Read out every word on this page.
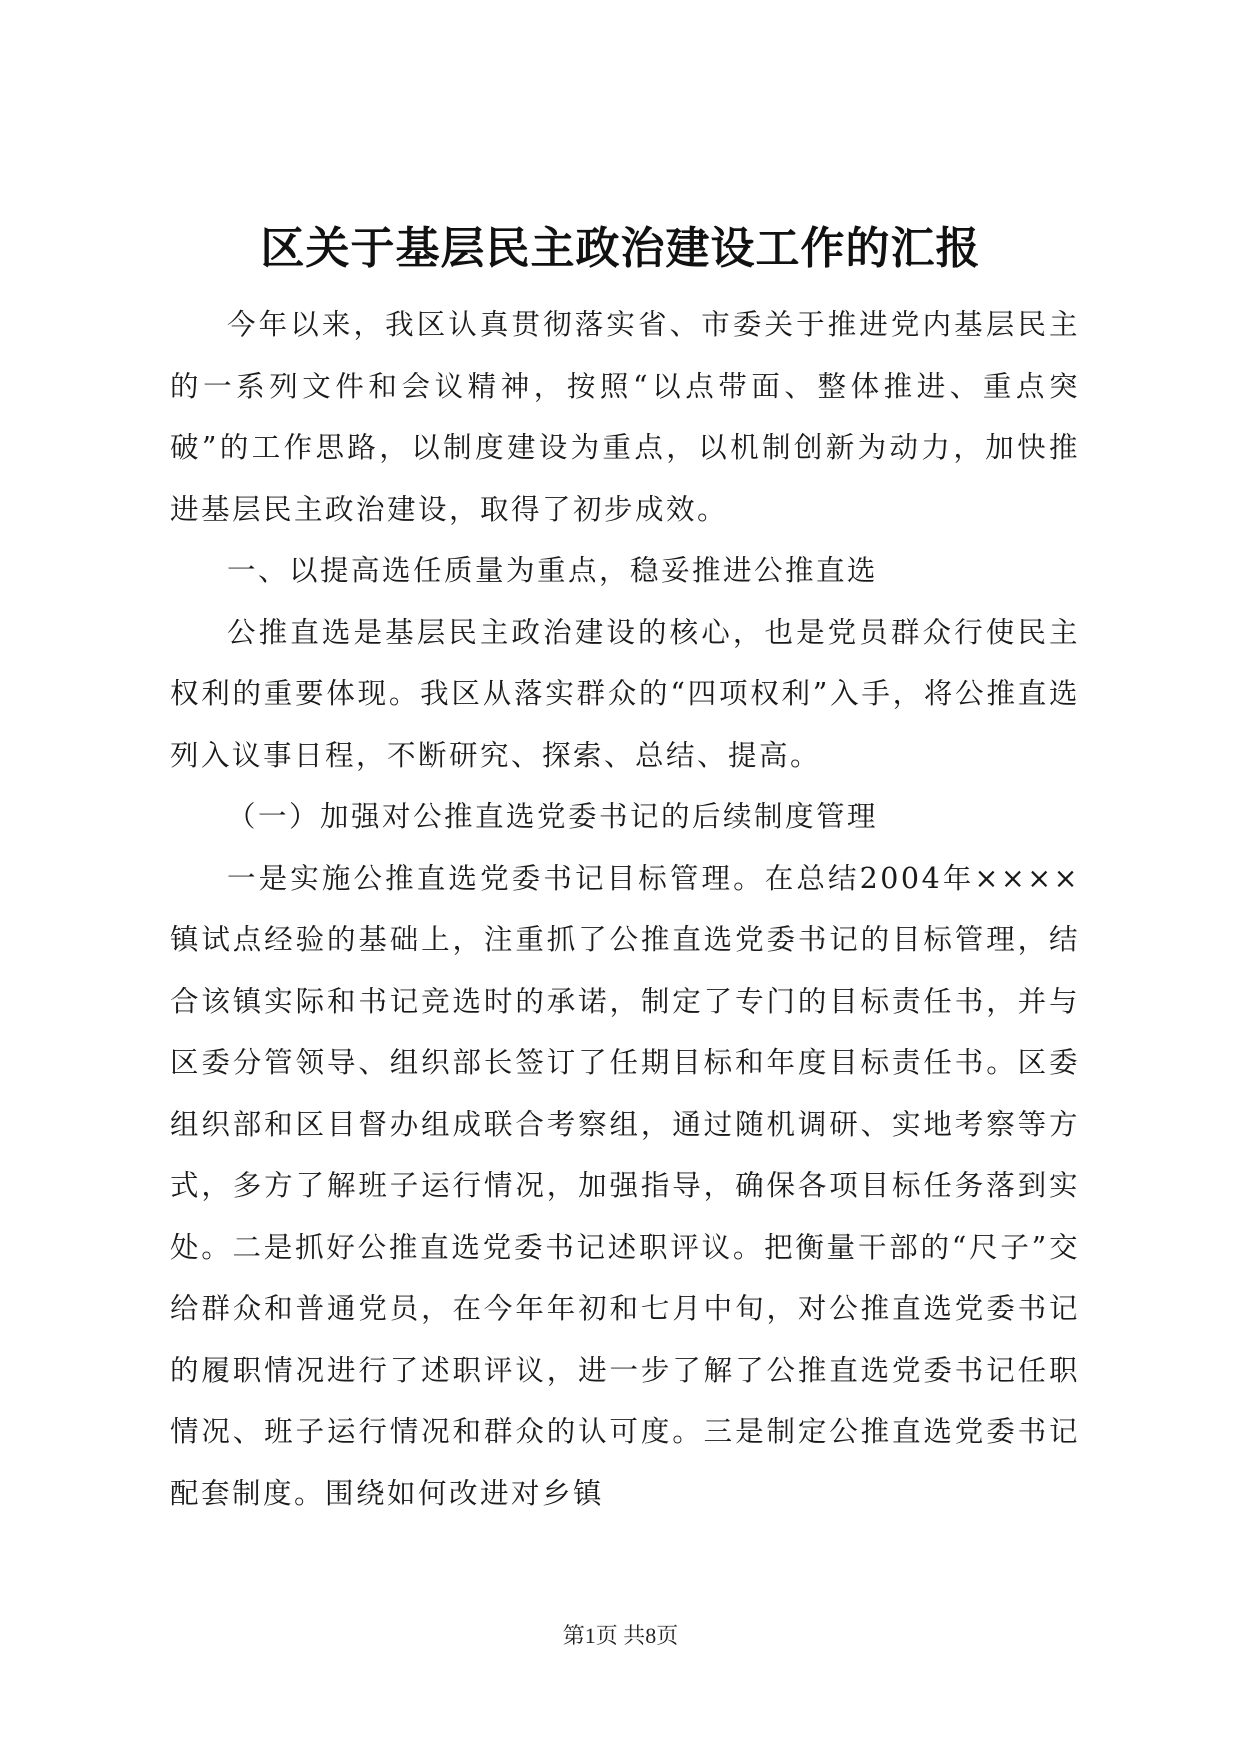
区关于基层民主政治建设工作的汇报

今年以来，我区认真贯彻落实省、市委关于推进党内基层民主的一系列文件和会议精神，按照“以点带面、整体推进、重点突破”的工作思路，以制度建设为重点，以机制创新为动力，加快推进基层民主政治建设，取得了初步成效。

一、以提高选任质量为重点，稳妥推进公推直选

公推直选是基层民主政治建设的核心，也是党员群众行使民主权利的重要体现。我区从落实群众的“四项权利”入手，将公推直选列入议事日程，不断研究、探索、总结、提高。

（一）加强对公推直选党委书记的后续制度管理

一是实施公推直选党委书记目标管理。在总结2004年××××镇试点经验的基础上，注重抓了公推直选党委书记的目标管理，结合该镇实际和书记竞选时的承诺，制定了专门的目标责任书，并与区委分管领导、组织部长签订了任期目标和年度目标责任书。区委组织部和区目督办组成联合考察组，通过随机调研、实地考察等方式，多方了解班子运行情况，加强指导，确保各项目标任务落到实处。二是抓好公推直选党委书记述职评议。把衡量干部的“尺子”交给群众和普通党员，在今年年初和七月中旬，对公推直选党委书记的履职情况进行了述职评议，进一步了解了公推直选党委书记任职情况、班子运行情况和群众的认可度。三是制定公推直选党委书记配套制度。围绕如何改进对乡镇

第1页 共8页
